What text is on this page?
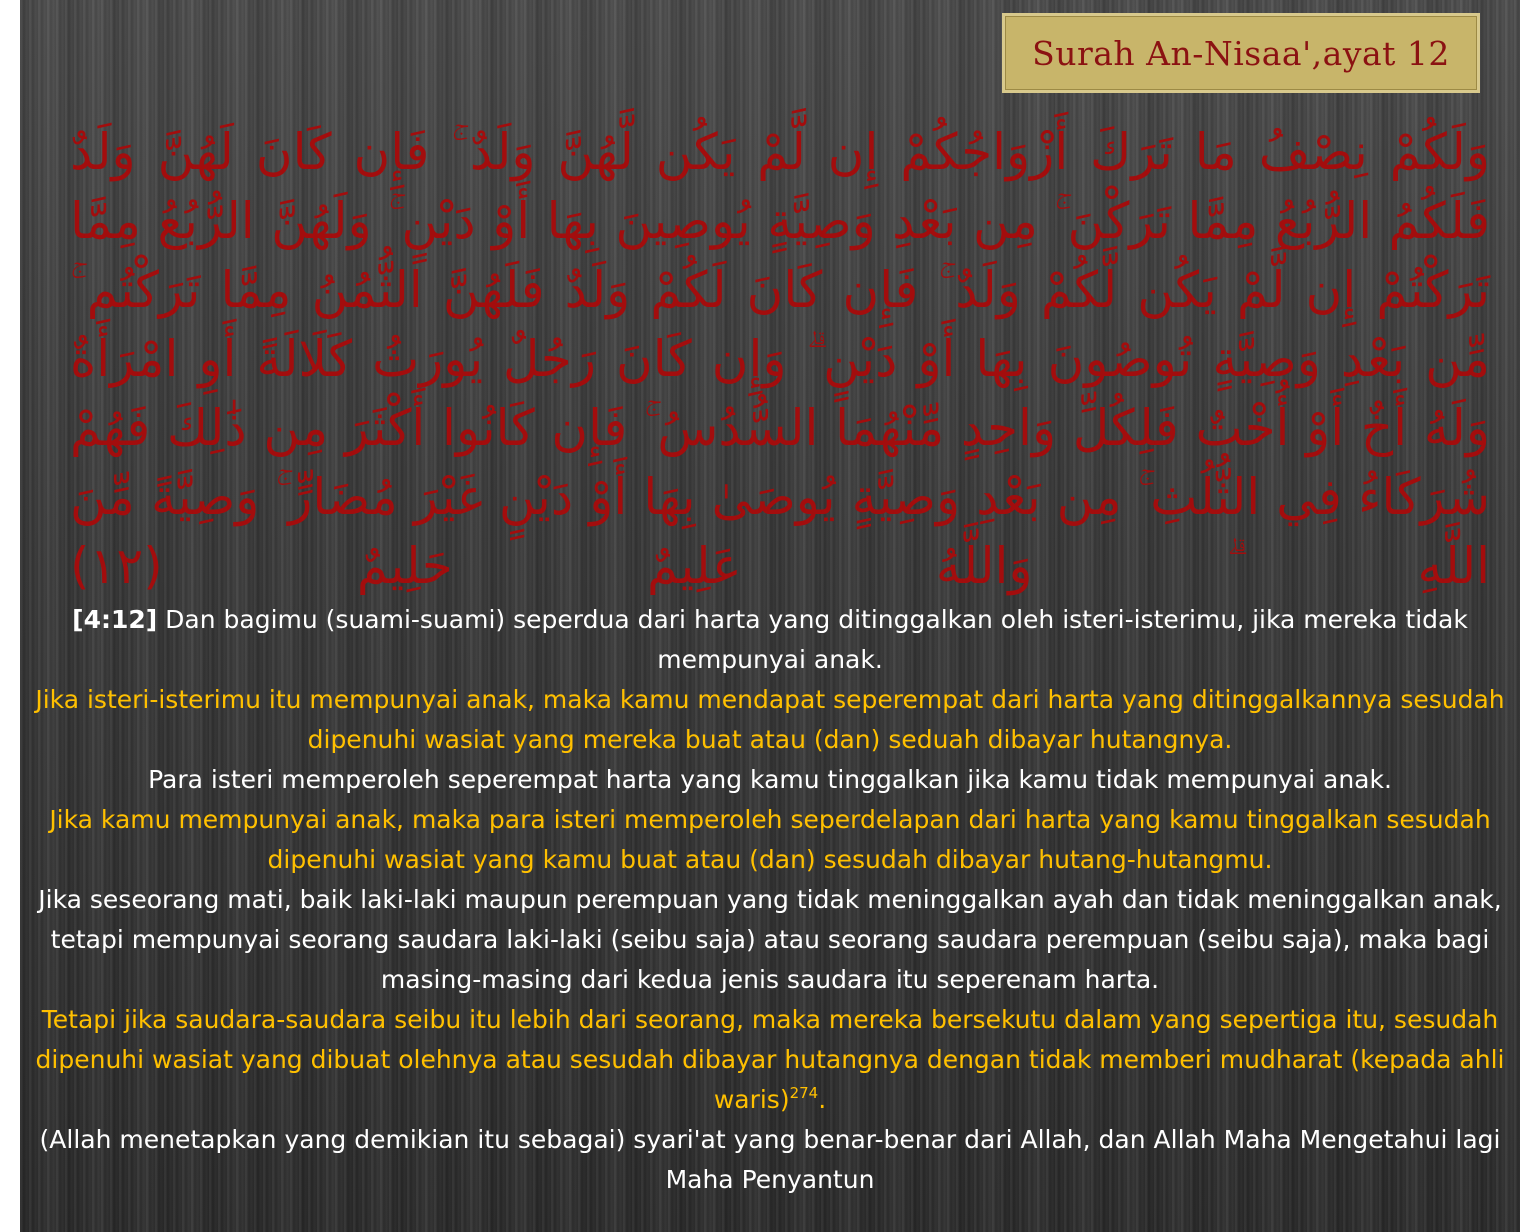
Surah An-Nisaa',ayat 12

وَلَكُمْ نِصْفُ مَا تَرَكَ أَزْوَاجُكُمْ إِن لَّمْ يَكُن لَّهُنَّ وَلَدٌ ۚ فَإِن كَانَ لَهُنَّ وَلَدٌ فَلَكُمُ الرُّبُعُ مِمَّا تَرَكْنَ ۚ مِن بَعْدِ وَصِيَّةٍ يُوصِينَ بِهَا أَوْ دَيْنٍ ۚ وَلَهُنَّ الرُّبُعُ مِمَّا تَرَكْتُمْ إِن لَّمْ يَكُن لَّكُمْ وَلَدٌ ۚ فَإِن كَانَ لَكُمْ وَلَدٌ فَلَهُنَّ الثُّمُنُ مِمَّا تَرَكْتُم ۚ مِّن بَعْدِ وَصِيَّةٍ تُوصُونَ بِهَا أَوْ دَيْنٍ ۗ وَإِن كَانَ رَجُلٌ يُورَثُ كَلَالَةً أَوِ امْرَأَةٌ وَلَهُ أَخٌ أَوْ أُخْتٌ فَلِكُلِّ وَاحِدٍ مِّنْهُمَا السُّدُسُ ۚ فَإِن كَانُوا أَكْثَرَ مِن ذَٰلِكَ فَهُمْ شُرَكَاءُ فِي الثُّلُثِ ۚ مِن بَعْدِ وَصِيَّةٍ يُوصَىٰ بِهَا أَوْ دَيْنٍ غَيْرَ مُضَارٍّ ۚ وَصِيَّةً مِّنَ اللَّهِ ۗ وَاللَّهُ عَلِيمٌ حَلِيمٌ (١٢)

[4:12] Dan bagimu (suami-suami) seperdua dari harta yang ditinggalkan oleh isteri-isterimu, jika mereka tidak mempunyai anak.

Jika isteri-isterimu itu mempunyai anak, maka kamu mendapat seperempat dari harta yang ditinggalkannya sesudah dipenuhi wasiat yang mereka buat atau (dan) seduah dibayar hutangnya.

Para isteri memperoleh seperempat harta yang kamu tinggalkan jika kamu tidak mempunyai anak.

Jika kamu mempunyai anak, maka para isteri memperoleh seperdelapan dari harta yang kamu tinggalkan sesudah dipenuhi wasiat yang kamu buat atau (dan) sesudah dibayar hutang-hutangmu.

Jika seseorang mati, baik laki-laki maupun perempuan yang tidak meninggalkan ayah dan tidak meninggalkan anak, tetapi mempunyai seorang saudara laki-laki (seibu saja) atau seorang saudara perempuan (seibu saja), maka bagi masing-masing dari kedua jenis saudara itu seperenam harta.

Tetapi jika saudara-saudara seibu itu lebih dari seorang, maka mereka bersekutu dalam yang sepertiga itu, sesudah dipenuhi wasiat yang dibuat olehnya atau sesudah dibayar hutangnya dengan tidak memberi mudharat (kepada ahli waris)$^{274}$.

(Allah menetapkan yang demikian itu sebagai) syari'at yang benar-benar dari Allah, dan Allah Maha Mengetahui lagi Maha Penyantun
